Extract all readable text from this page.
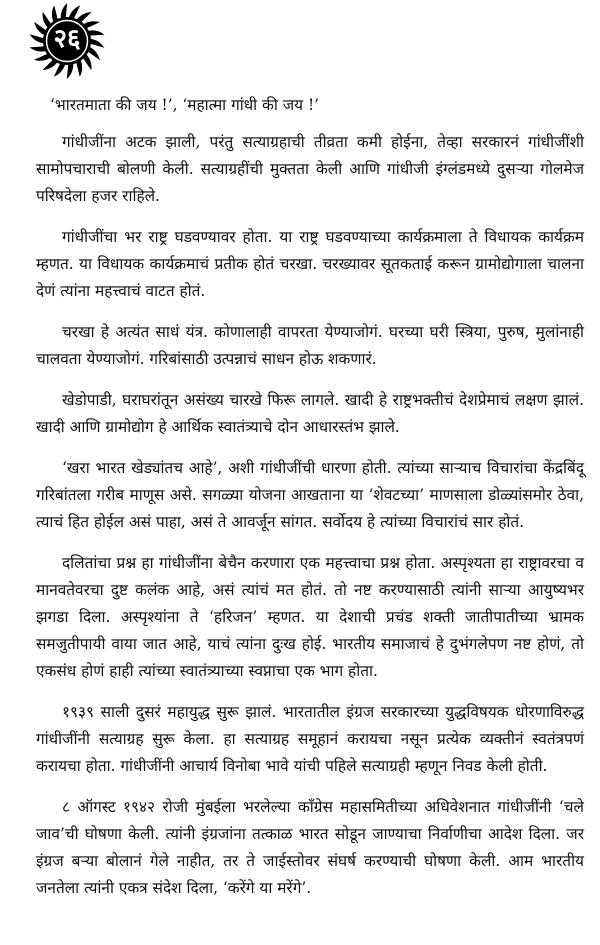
२६

‘भारतमाता की जय !’, ‘महात्मा गांधी की जय !’

गांधीजींना अटक झाली, परंतु सत्याग्रहाची तीव्रता कमी होईना, तेव्हा सरकारनं गांधीजींशी सामोपचाराची बोलणी केली. सत्याग्रहींची मुक्तता केली आणि गांधीजी इंग्लंडमध्ये दुसऱ्या गोलमेज परिषदेला हजर राहिले.

गांधीजींचा भर राष्ट्र घडवण्यावर होता. या राष्ट्र घडवण्याच्या कार्यक्रमाला ते विधायक कार्यक्रम म्हणत. या विधायक कार्यक्रमाचं प्रतीक होतं चरखा. चरख्यावर सूतकताई करून ग्रामोद्योगाला चालना देणं त्यांना महत्त्वाचं वाटत होतं.

चरखा हे अत्यंत साधं यंत्र. कोणालाही वापरता येण्याजोगं. घरच्या घरी स्त्रिया, पुरुष, मुलांनाही चालवता येण्याजोगं. गरिबांसाठी उत्पन्नाचं साधन होऊ शकणारं.

खेडोपाडी, घराघरांतून असंख्य चारखे फिरू लागले. खादी हे राष्ट्रभक्तीचं देशप्रेमाचं लक्षण झालं. खादी आणि ग्रामोद्योग हे आर्थिक स्वातंत्र्याचे दोन आधारस्तंभ झाले.

‘खरा भारत खेड्यांतच आहे’, अशी गांधीजींची धारणा होती. त्यांच्या साऱ्याच विचारांचा केंद्रबिंदू गरिबांतला गरीब माणूस असे. सगळ्या योजना आखताना या ‘शेवटच्या’ माणसाला डोळ्यांसमोर ठेवा, त्याचं हित होईल असं पाहा, असं ते आवर्जून सांगत. सर्वोदय हे त्यांच्या विचारांचं सार होतं.

दलितांचा प्रश्न हा गांधीजींना बेचैन करणारा एक महत्त्वाचा प्रश्न होता. अस्पृश्यता हा राष्ट्रावरचा व मानवतेवरचा दुष्ट कलंक आहे, असं त्यांचं मत होतं. तो नष्ट करण्यासाठी त्यांनी साऱ्या आयुष्यभर झगडा दिला. अस्पृश्यांना ते ‘हरिजन’ म्हणत. या देशाची प्रचंड शक्ती जातीपातीच्या भ्रामक समजुतीपायी वाया जात आहे, याचं त्यांना दुःख होई. भारतीय समाजाचं हे दुभंगलेपण नष्ट होणं, तो एकसंध होणं हाही त्यांच्या स्वातंत्र्याच्या स्वप्नाचा एक भाग होता.

१९३९ साली दुसरं महायुद्ध सुरू झालं. भारतातील इंग्रज सरकारच्या युद्धविषयक धोरणाविरुद्ध गांधीजींनी सत्याग्रह सुरू केला. हा सत्याग्रह समूहानं करायचा नसून प्रत्येक व्यक्तीनं स्वतंत्रपणं करायचा होता. गांधीजींनी आचार्य विनोबा भावे यांची पहिले सत्याग्रही म्हणून निवड केली होती.

८ ऑगस्ट १९४२ रोजी मुंबईला भरलेल्या काँग्रेस महासमितीच्या अधिवेशनात गांधीजींनी ‘चले जाव’ची घोषणा केली. त्यांनी इंग्रजांना तत्काळ भारत सोडून जाण्याचा निर्वाणीचा आदेश दिला. जर इंग्रज बऱ्या बोलानं गेले नाहीत, तर ते जाईस्तोवर संघर्ष करण्याची घोषणा केली. आम भारतीय जनतेला त्यांनी एकत्र संदेश दिला, ‘करेंगे या मरेंगे’.
